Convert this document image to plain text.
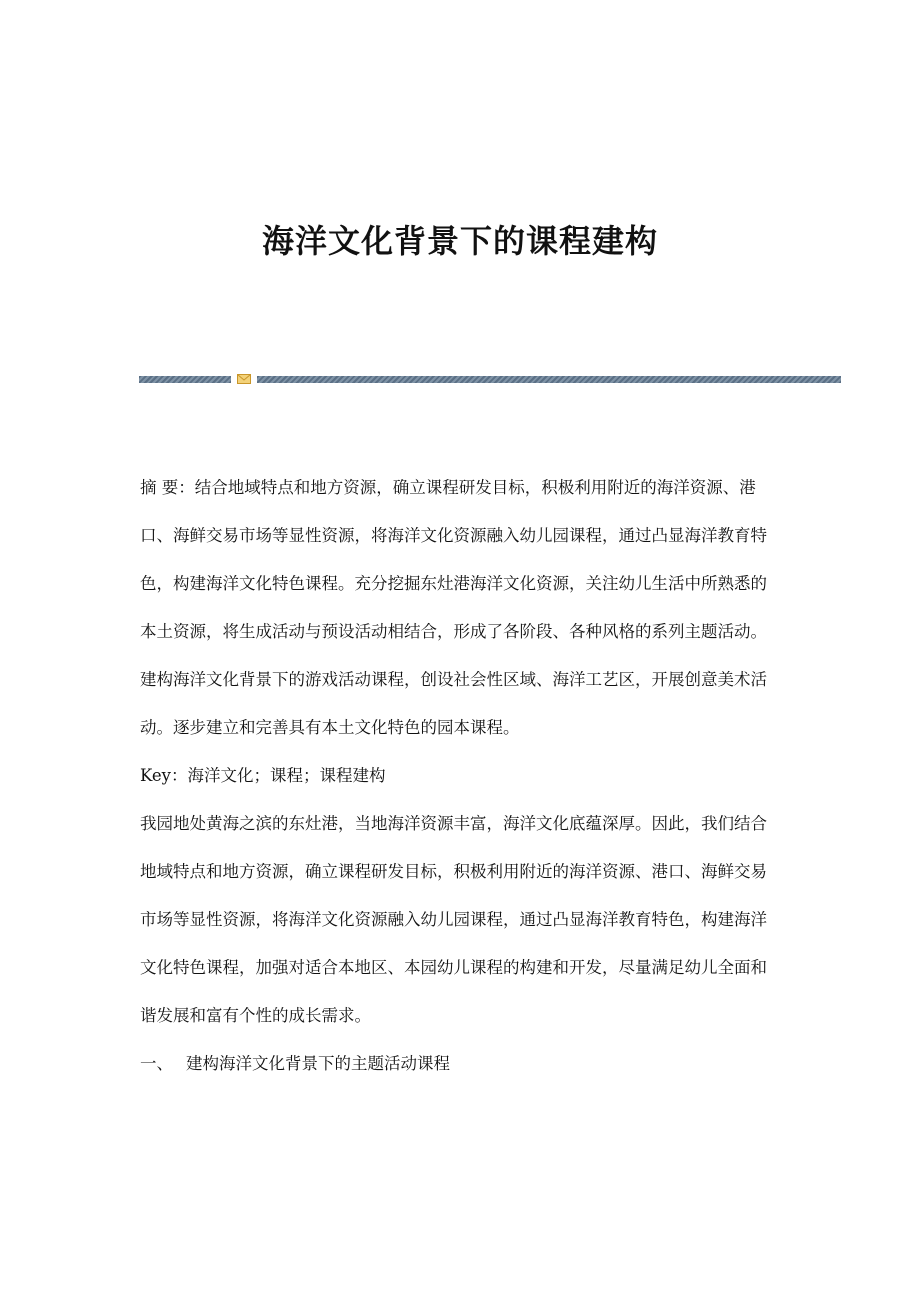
海洋文化背景下的课程建构

摘 要：结合地域特点和地方资源，确立课程研发目标，积极利用附近的海洋资源、港口、海鲜交易市场等显性资源，将海洋文化资源融入幼儿园课程，通过凸显海洋教育特色，构建海洋文化特色课程。充分挖掘东灶港海洋文化资源，关注幼儿生活中所熟悉的本土资源，将生成活动与预设活动相结合，形成了各阶段、各种风格的系列主题活动。建构海洋文化背景下的游戏活动课程，创设社会性区域、海洋工艺区，开展创意美术活动。逐步建立和完善具有本土文化特色的园本课程。

Key：海洋文化；课程；课程建构

我园地处黄海之滨的东灶港，当地海洋资源丰富，海洋文化底蕴深厚。因此，我们结合地域特点和地方资源，确立课程研发目标，积极利用附近的海洋资源、港口、海鲜交易市场等显性资源，将海洋文化资源融入幼儿园课程，通过凸显海洋教育特色，构建海洋文化特色课程，加强对适合本地区、本园幼儿课程的构建和开发，尽量满足幼儿全面和谐发展和富有个性的成长需求。

一、 建构海洋文化背景下的主题活动课程
